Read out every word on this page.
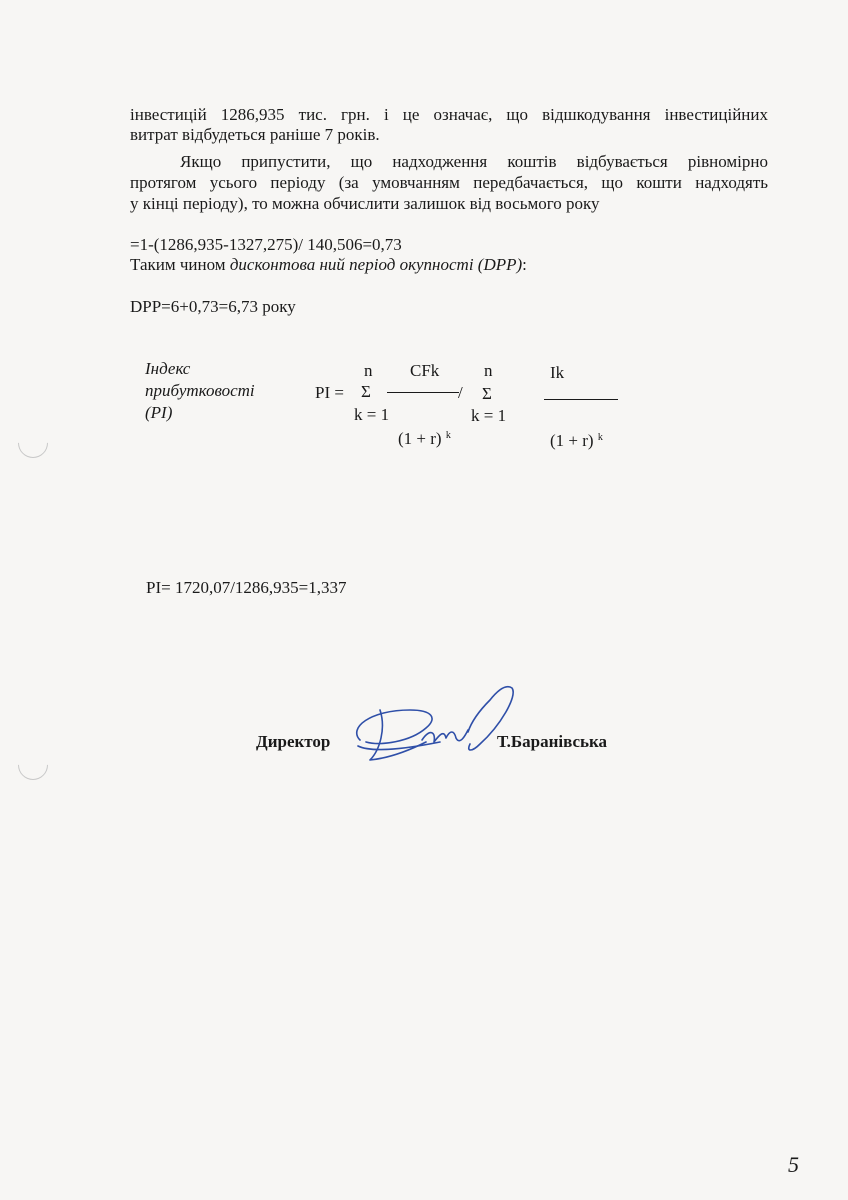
інвестицій 1286,935 тис. грн. і це означає, що відшкодування інвестиційних

витрат відбудеться раніше 7 років.

Якщо припустити, що надходження коштів відбувається рівномірно

протягом усього періоду (за умовчанням передбачається, що кошти надходять

у кінці періоду), то можна обчислити залишок від восьмого року

=1-(1286,935-1327,275)/ 140,506=0,73

Таким чином дисконтова ний період окупності (DPP):

DPP=6+0,73=6,73 року

Індекс

прибутковості

(PI)

PI =
n
Σ
k = 1
CFk
/
(1 + r) $^k$
n
Σ
k = 1
Ik
(1 + r) $^k$

PI= 1720,07/1286,935=1,337

Директор	Т.Баранівська
5
